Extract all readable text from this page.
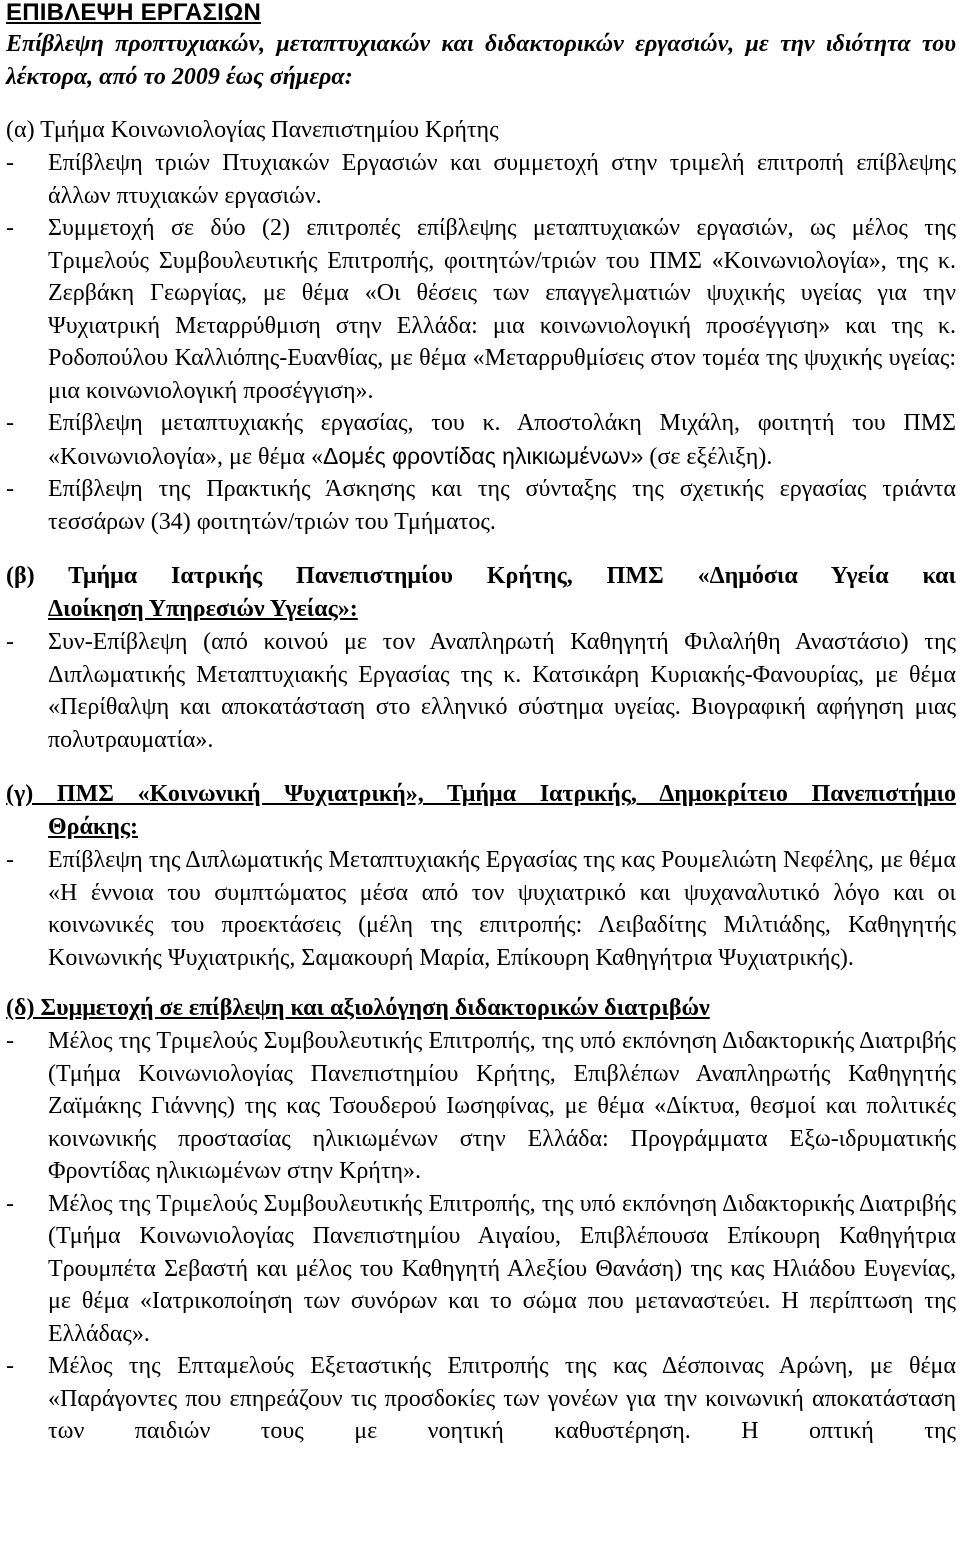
ΕΠΙΒΛΕΨΗ ΕΡΓΑΣΙΩΝ
Επίβλεψη προπτυχιακών, μεταπτυχιακών και διδακτορικών εργασιών, με την ιδιότητα του λέκτορα, από το 2009 έως σήμερα:
(α) Τμήμα Κοινωνιολογίας Πανεπιστημίου Κρήτης
- Επίβλεψη τριών Πτυχιακών Εργασιών και συμμετοχή στην τριμελή επιτροπή επίβλεψης άλλων πτυχιακών εργασιών.
- Συμμετοχή σε δύο (2) επιτροπές επίβλεψης μεταπτυχιακών εργασιών, ως μέλος της Τριμελούς Συμβουλευτικής Επιτροπής, φοιτητών/τριών του ΠΜΣ «Κοινωνιολογία», της κ. Ζερβάκη Γεωργίας, με θέμα «Οι θέσεις των επαγγελματιών ψυχικής υγείας για την Ψυχιατρική Μεταρρύθμιση στην Ελλάδα: μια κοινωνιολογική προσέγγιση» και της κ. Ροδοπούλου Καλλιόπης-Ευανθίας, με θέμα «Μεταρρυθμίσεις στον τομέα της ψυχικής υγείας: μια κοινωνιολογική προσέγγιση».
- Επίβλεψη μεταπτυχιακής εργασίας, του κ. Αποστολάκη Μιχάλη, φοιτητή του ΠΜΣ «Κοινωνιολογία», με θέμα «Δομές φροντίδας ηλικιωμένων» (σε εξέλιξη).
- Επίβλεψη της Πρακτικής Άσκησης και της σύνταξης της σχετικής εργασίας τριάντα τεσσάρων (34) φοιτητών/τριών του Τμήματος.
(β) Τμήμα Ιατρικής Πανεπιστημίου Κρήτης, ΠΜΣ «Δημόσια Υγεία και
Διοίκηση Υπηρεσιών Υγείας»:
- Συν-Επίβλεψη (από κοινού με τον Αναπληρωτή Καθηγητή Φιλαλήθη Αναστάσιο) της Διπλωματικής Μεταπτυχιακής Εργασίας της κ. Κατσικάρη Κυριακής-Φανουρίας, με θέμα «Περίθαλψη και αποκατάσταση στο ελληνικό σύστημα υγείας. Βιογραφική αφήγηση μιας πολυτραυματία».
(γ) ΠΜΣ «Κοινωνική Ψυχιατρική», Τμήμα Ιατρικής, Δημοκρίτειο Πανεπιστήμιο
Θράκης:
- Επίβλεψη της Διπλωματικής Μεταπτυχιακής Εργασίας της κας Ρουμελιώτη Νεφέλης, με θέμα «Η έννοια του συμπτώματος μέσα από τον ψυχιατρικό και ψυχαναλυτικό λόγο και οι κοινωνικές του προεκτάσεις (μέλη της επιτροπής: Λειβαδίτης Μιλτιάδης, Καθηγητής Κοινωνικής Ψυχιατρικής, Σαμακουρή Μαρία, Επίκουρη Καθηγήτρια Ψυχιατρικής).
(δ) Συμμετοχή σε επίβλεψη και αξιολόγηση διδακτορικών διατριβών
- Μέλος της Τριμελούς Συμβουλευτικής Επιτροπής, της υπό εκπόνηση Διδακτορικής Διατριβής (Τμήμα Κοινωνιολογίας Πανεπιστημίου Κρήτης, Επιβλέπων Αναπληρωτής Καθηγητής Ζαϊμάκης Γιάννης) της κας Τσουδερού Ιωσηφίνας, με θέμα «Δίκτυα, θεσμοί και πολιτικές κοινωνικής προστασίας ηλικιωμένων στην Ελλάδα: Προγράμματα Εξω-ιδρυματικής Φροντίδας ηλικιωμένων στην Κρήτη».
- Μέλος της Τριμελούς Συμβουλευτικής Επιτροπής, της υπό εκπόνηση Διδακτορικής Διατριβής (Τμήμα Κοινωνιολογίας Πανεπιστημίου Αιγαίου, Επιβλέπουσα Επίκουρη Καθηγήτρια Τρουμπέτα Σεβαστή και μέλος του Καθηγητή Αλεξίου Θανάση) της κας Ηλιάδου Ευγενίας, με θέμα «Ιατρικοποίηση των συνόρων και το σώμα που μεταναστεύει. Η περίπτωση της Ελλάδας».
- Μέλος της Επταμελούς Εξεταστικής Επιτροπής της κας Δέσποινας Αρώνη, με θέμα «Παράγοντες που επηρεάζουν τις προσδοκίες των γονέων για την κοινωνική αποκατάσταση των παιδιών τους με νοητική καθυστέρηση. Η οπτική της
